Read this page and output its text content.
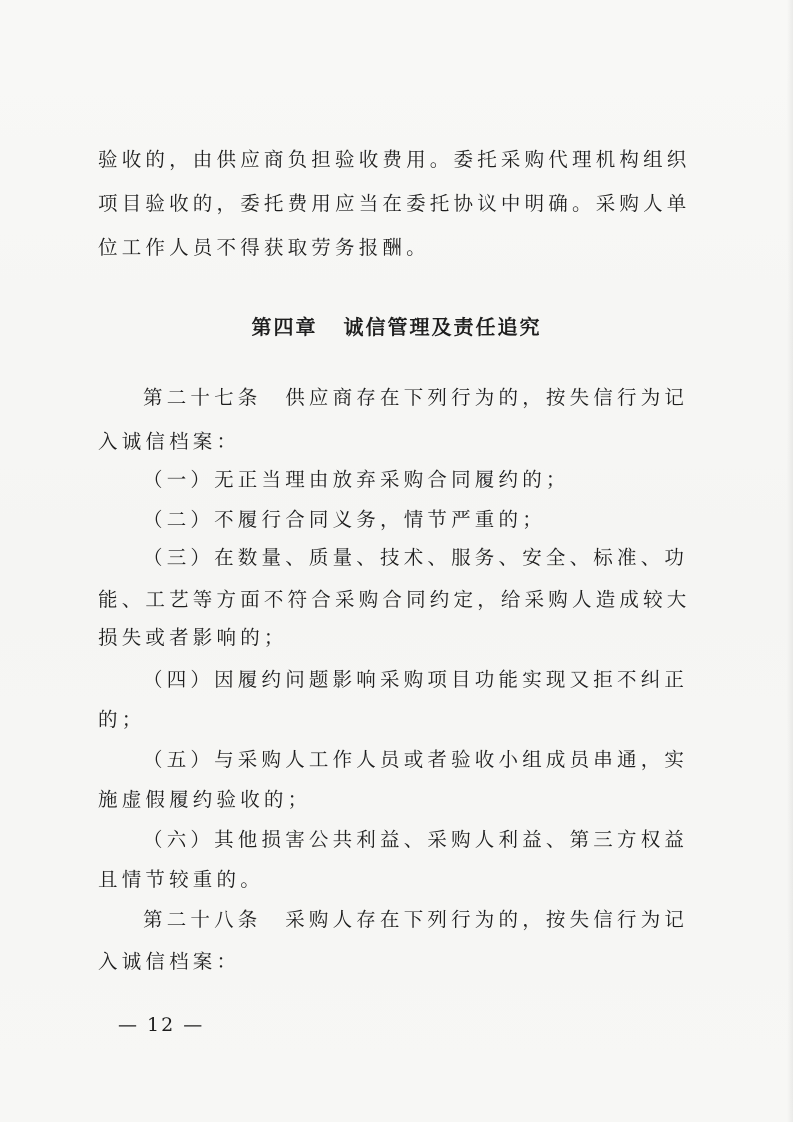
验收的，由供应商负担验收费用。委托采购代理机构组织
项目验收的，委托费用应当在委托协议中明确。采购人单
位工作人员不得获取劳务报酬。
第四章 诚信管理及责任追究
第二十七条　供应商存在下列行为的，按失信行为记
入诚信档案：
（一）无正当理由放弃采购合同履约的；
（二）不履行合同义务，情节严重的；
（三）在数量、质量、技术、服务、安全、标准、功
能、工艺等方面不符合采购合同约定，给采购人造成较大
损失或者影响的；
（四）因履约问题影响采购项目功能实现又拒不纠正
的；
（五）与采购人工作人员或者验收小组成员串通，实
施虚假履约验收的；
（六）其他损害公共利益、采购人利益、第三方权益
且情节较重的。
第二十八条　采购人存在下列行为的，按失信行为记
入诚信档案：
— 12 —
